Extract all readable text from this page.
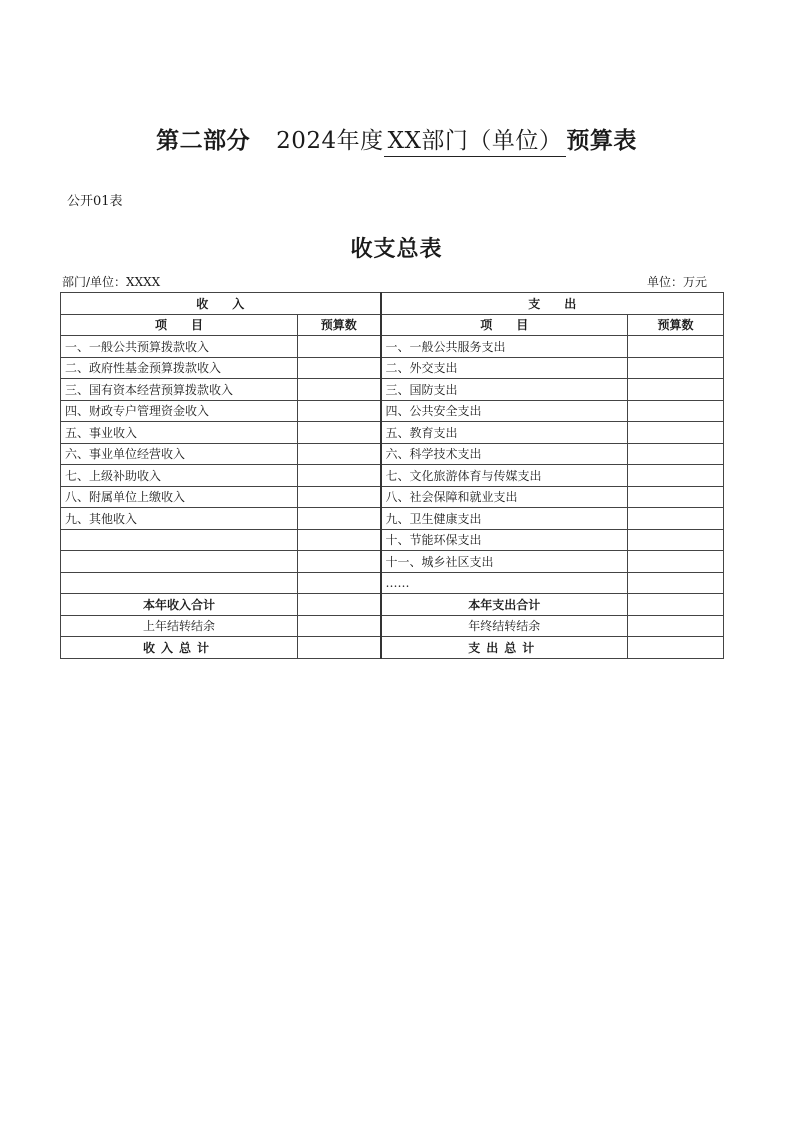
第二部分 2024年度 XX部门（单位） 预算表
公开01表
收支总表
部门/单位：XXXX	单位：万元
收　　入		支　　出	
项　　目	预算数	项　　目	预算数
一、一般公共预算拨款收入		一、一般公共服务支出	
二、政府性基金预算拨款收入		二、外交支出	
三、国有资本经营预算拨款收入		三、国防支出	
四、财政专户管理资金收入		四、公共安全支出	
五、事业收入		五、教育支出	
六、事业单位经营收入		六、科学技术支出	
七、上级补助收入		七、文化旅游体育与传媒支出	
八、附属单位上缴收入		八、社会保障和就业支出	
九、其他收入		九、卫生健康支出	
		十、节能环保支出	
		十一、城乡社区支出	
		……	
本年收入合计		本年支出合计	
上年结转结余		年终结转结余	
收入总计		支出总计	
